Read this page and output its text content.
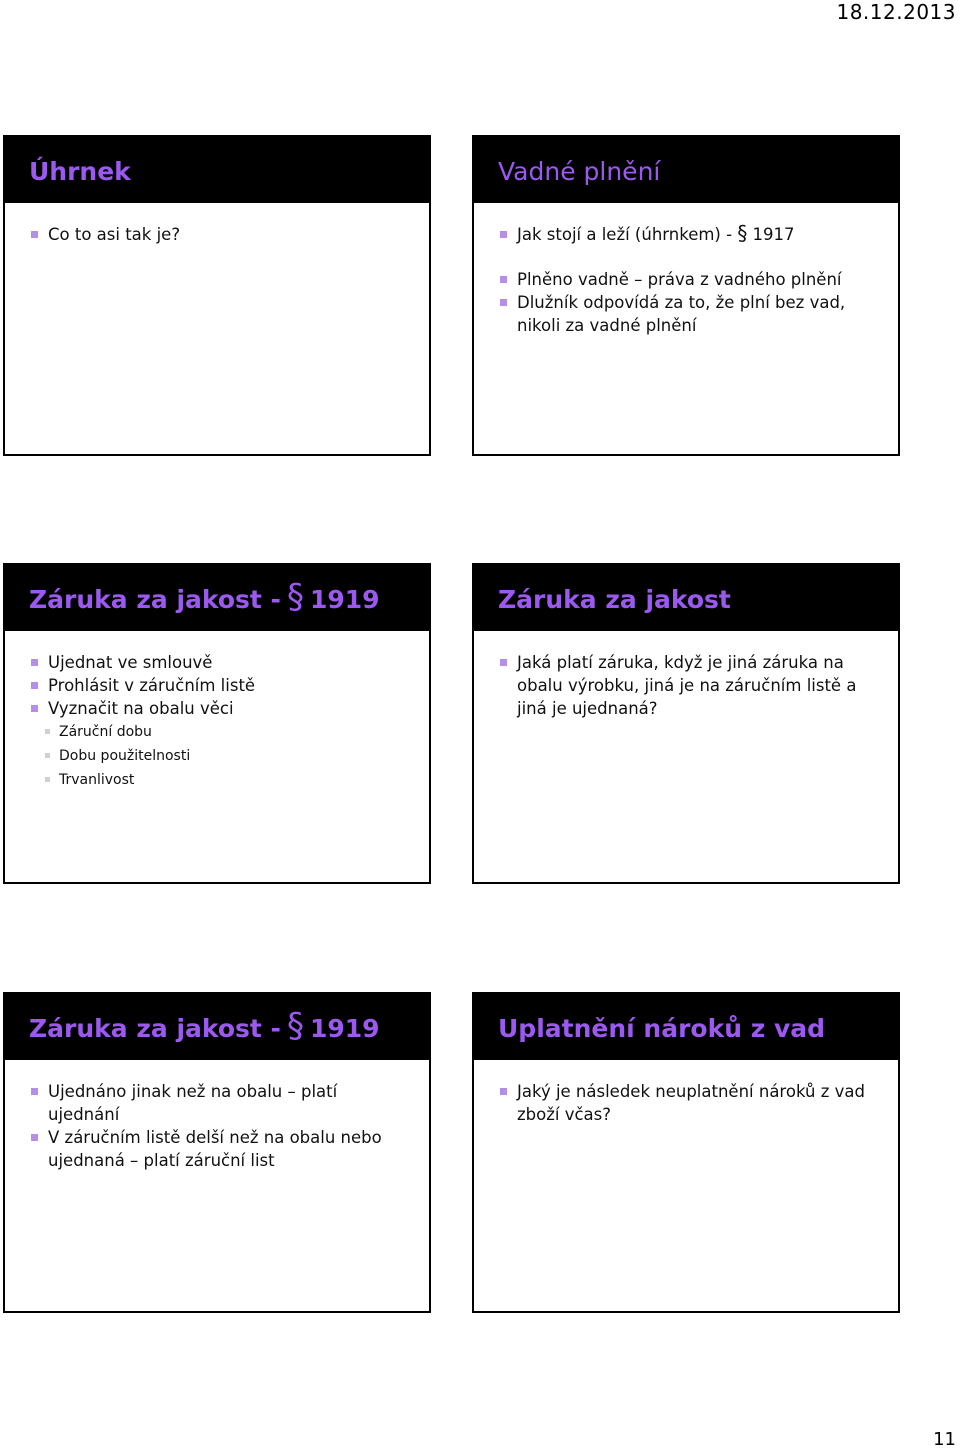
18.12.2013
Úhrnek
Co to asi tak je?
Vadné plnění
Jak stojí a leží (úhrnkem) - § 1917
Plněno vadně – práva z vadného plnění
Dlužník odpovídá za to, že plní bez vad, nikoli za vadné plnění
Záruka za jakost - § 1919
Ujednat ve smlouvě
Prohlásit v záručním listě
Vyznačit na obalu věci
Záruční dobu
Dobu použitelnosti
Trvanlivost
Záruka za jakost
Jaká platí záruka, když je jiná záruka na obalu výrobku, jiná je na záručním listě a jiná je ujednaná?
Záruka za jakost - § 1919
Ujednáno jinak než na obalu – platí ujednání
V záručním listě delší než na obalu nebo ujednaná – platí záruční list
Uplatnění nároků z vad
Jaký je následek neuplatnění nároků z vad zboží včas?
11
